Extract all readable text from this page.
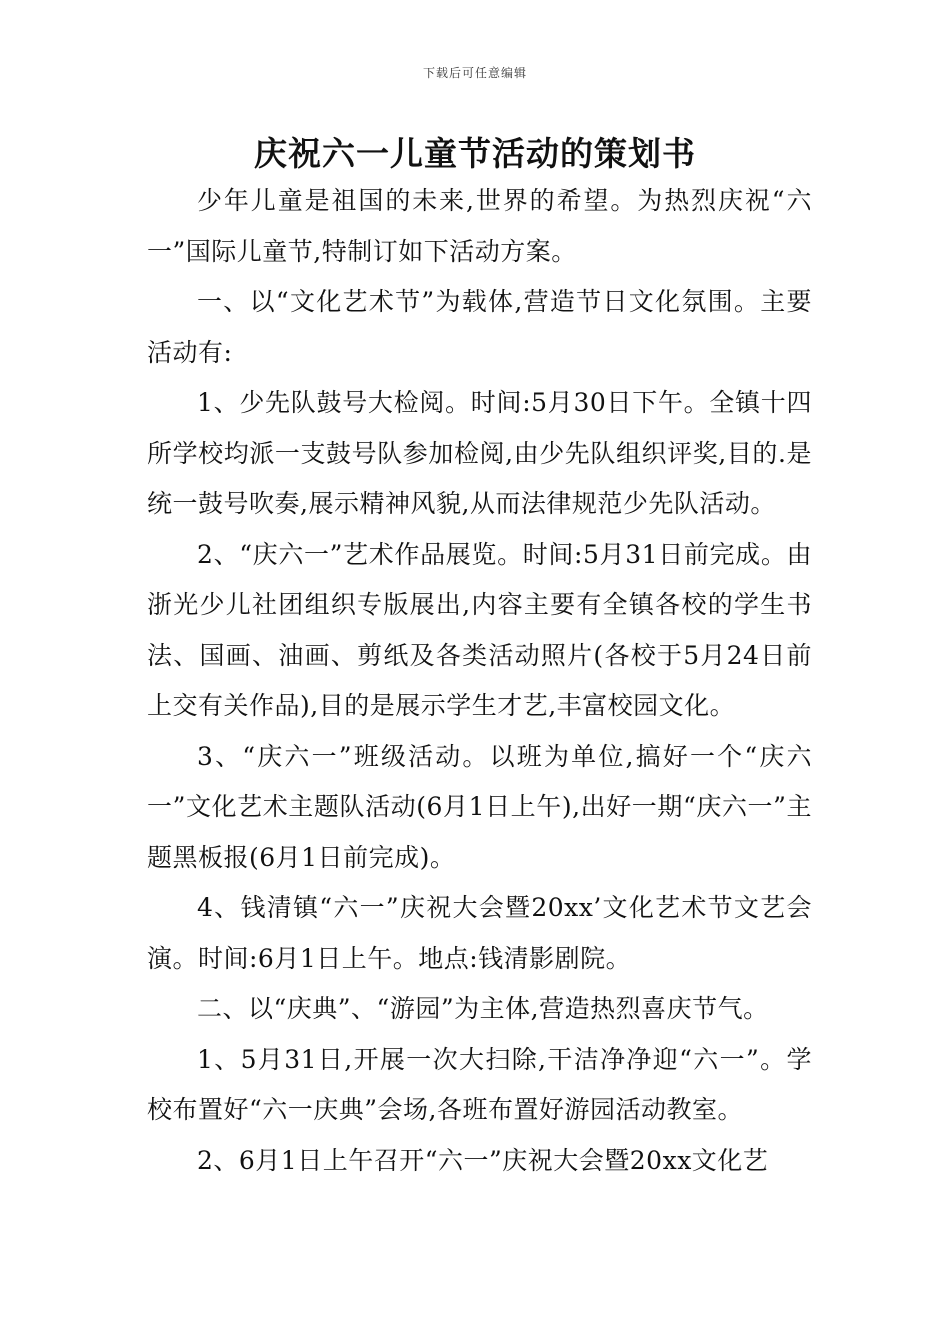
下载后可任意编辑
庆祝六一儿童节活动的策划书

少年儿童是祖国的未来,世界的希望。为热烈庆祝“六一”国际儿童节,特制订如下活动方案。

一、以“文化艺术节”为载体,营造节日文化氛围。主要活动有:

1、少先队鼓号大检阅。时间:5月30日下午。全镇十四所学校均派一支鼓号队参加检阅,由少先队组织评奖,目的.是统一鼓号吹奏,展示精神风貌,从而法律规范少先队活动。

2、“庆六一”艺术作品展览。时间:5月31日前完成。由浙光少儿社团组织专版展出,内容主要有全镇各校的学生书法、国画、油画、剪纸及各类活动照片(各校于5月24日前上交有关作品),目的是展示学生才艺,丰富校园文化。

3、“庆六一”班级活动。以班为单位,搞好一个“庆六一”文化艺术主题队活动(6月1日上午),出好一期“庆六一”主题黑板报(6月1日前完成)。

4、钱清镇“六一”庆祝大会暨20xx’文化艺术节文艺会演。时间:6月1日上午。地点:钱清影剧院。

二、以“庆典”、“游园”为主体,营造热烈喜庆节气。

1、5月31日,开展一次大扫除,干洁净净迎“六一”。学校布置好“六一庆典”会场,各班布置好游园活动教室。

2、6月1日上午召开“六一”庆祝大会暨20xx文化艺
